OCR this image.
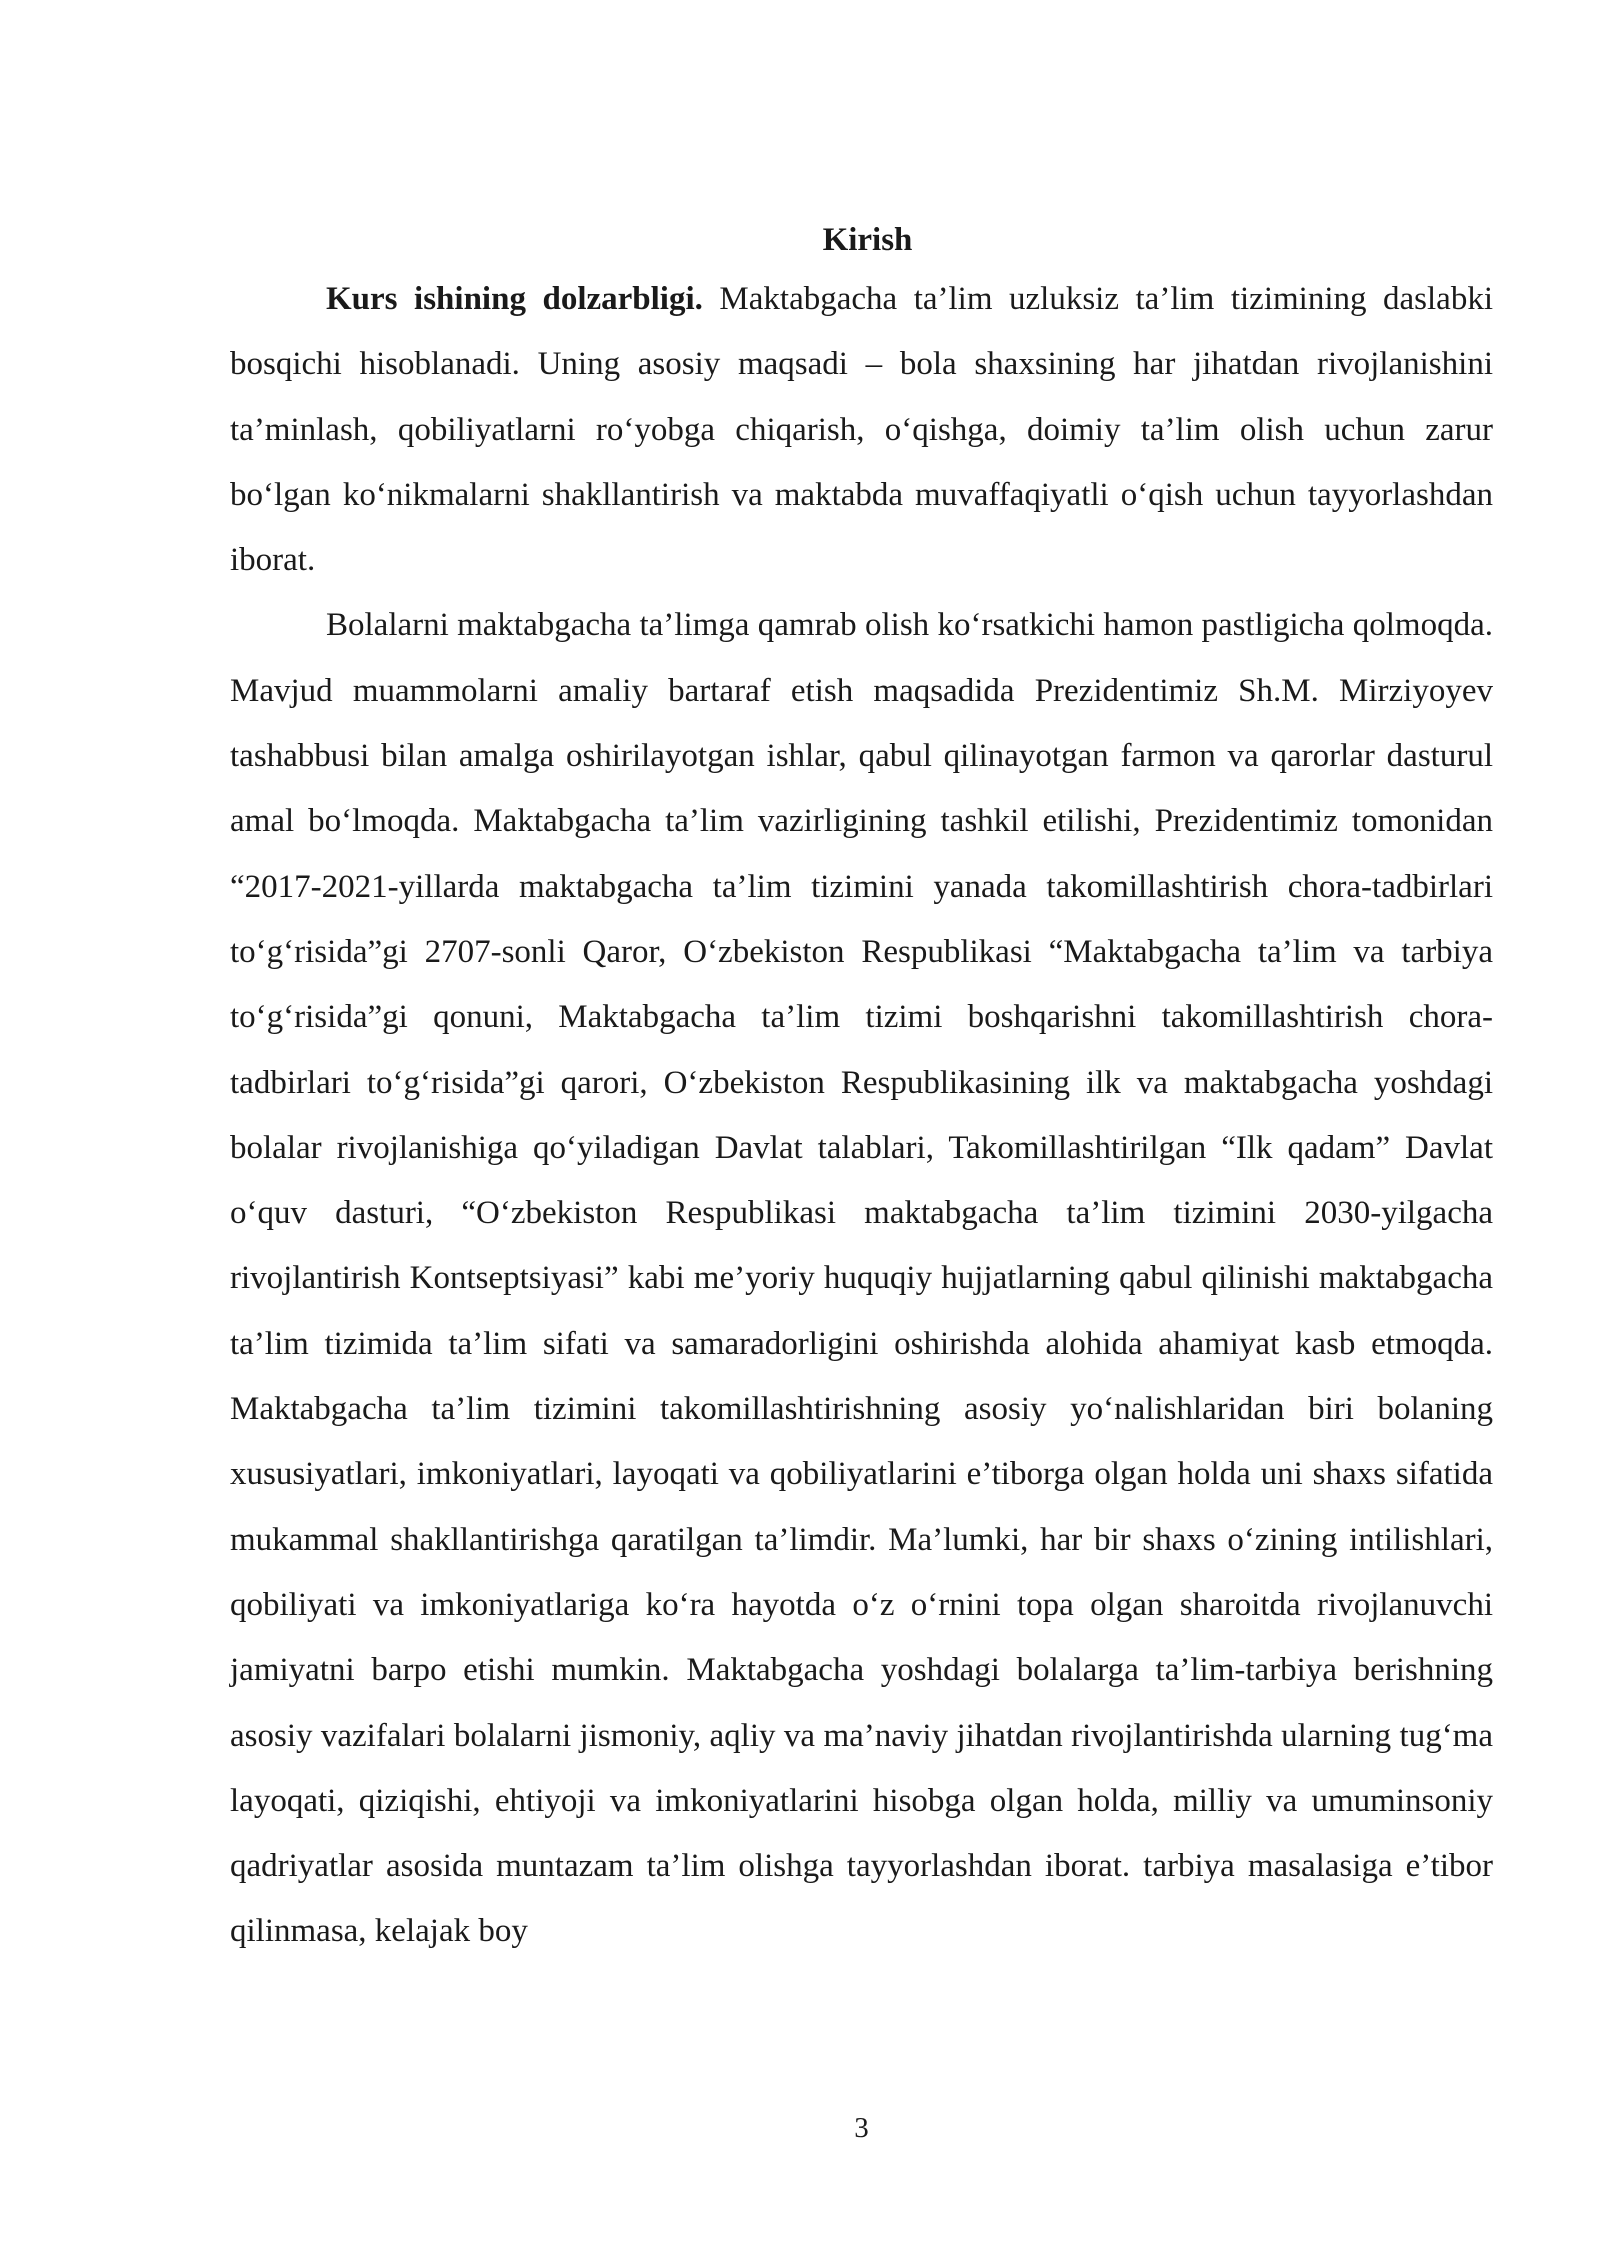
Kirish

Kurs ishining dolzarbligi. Maktabgacha ta’lim uzluksiz ta’lim tizimining daslabki bosqichi hisoblanadi. Uning asosiy maqsadi – bola shaxsining har jihatdan rivojlanishini ta’minlash, qobiliyatlarni ro‘yobga chiqarish, o‘qishga, doimiy ta’lim olish uchun zarur bo‘lgan ko‘nikmalarni shakllantirish va maktabda muvaffaqiyatli o‘qish uchun tayyorlashdan iborat.

Bolalarni maktabgacha ta’limga qamrab olish ko‘rsatkichi hamon pastligicha qolmoqda. Mavjud muammolarni amaliy bartaraf etish maqsadida Prezidentimiz Sh.M. Mirziyoyev tashabbusi bilan amalga oshirilayotgan ishlar, qabul qilinayotgan farmon va qarorlar dasturul amal bo‘lmoqda. Maktabgacha ta’lim vazirligining tashkil etilishi, Prezidentimiz tomonidan “2017-2021-yillarda maktabgacha ta’lim tizimini yanada takomillashtirish chora-tadbirlari to‘g‘risida”gi 2707-sonli Qaror, O‘zbekiston Respublikasi “Maktabgacha ta’lim va tarbiya to‘g‘risida”gi qonuni, Maktabgacha ta’lim tizimi boshqarishni takomillashtirish chora-tadbirlari to‘g‘risida”gi qarori, O‘zbekiston Respublikasining ilk va maktabgacha yoshdagi bolalar rivojlanishiga qo‘yiladigan Davlat talablari, Takomillashtirilgan “Ilk qadam” Davlat o‘quv dasturi, “O‘zbekiston Respublikasi maktabgacha ta’lim tizimini 2030-yilgacha rivojlantirish Kontseptsiyasi” kabi me’yoriy huquqiy hujjatlarning qabul qilinishi maktabgacha ta’lim tizimida ta’lim sifati va samaradorligini oshirishda alohida ahamiyat kasb etmoqda. Maktabgacha ta’lim tizimini takomillashtirishning asosiy yo‘nalishlaridan biri bolaning xususiyatlari, imkoniyatlari, layoqati va qobiliyatlarini e’tiborga olgan holda uni shaxs sifatida mukammal shakllantirishga qaratilgan ta’limdir. Ma’lumki, har bir shaxs o‘zining intilishlari, qobiliyati va imkoniyatlariga ko‘ra hayotda o‘z o‘rnini topa olgan sharoitda rivojlanuvchi jamiyatni barpo etishi mumkin. Maktabgacha yoshdagi bolalarga ta’lim-tarbiya berishning asosiy vazifalari bolalarni jismoniy, aqliy va ma’naviy jihatdan rivojlantirishda ularning tug‘ma layoqati, qiziqishi, ehtiyoji va imkoniyatlarini hisobga olgan holda, milliy va umuminsoniy qadriyatlar asosida muntazam ta’lim olishga tayyorlashdan iborat. tarbiya masalasiga e’tibor qilinmasa, kelajak boy

3
